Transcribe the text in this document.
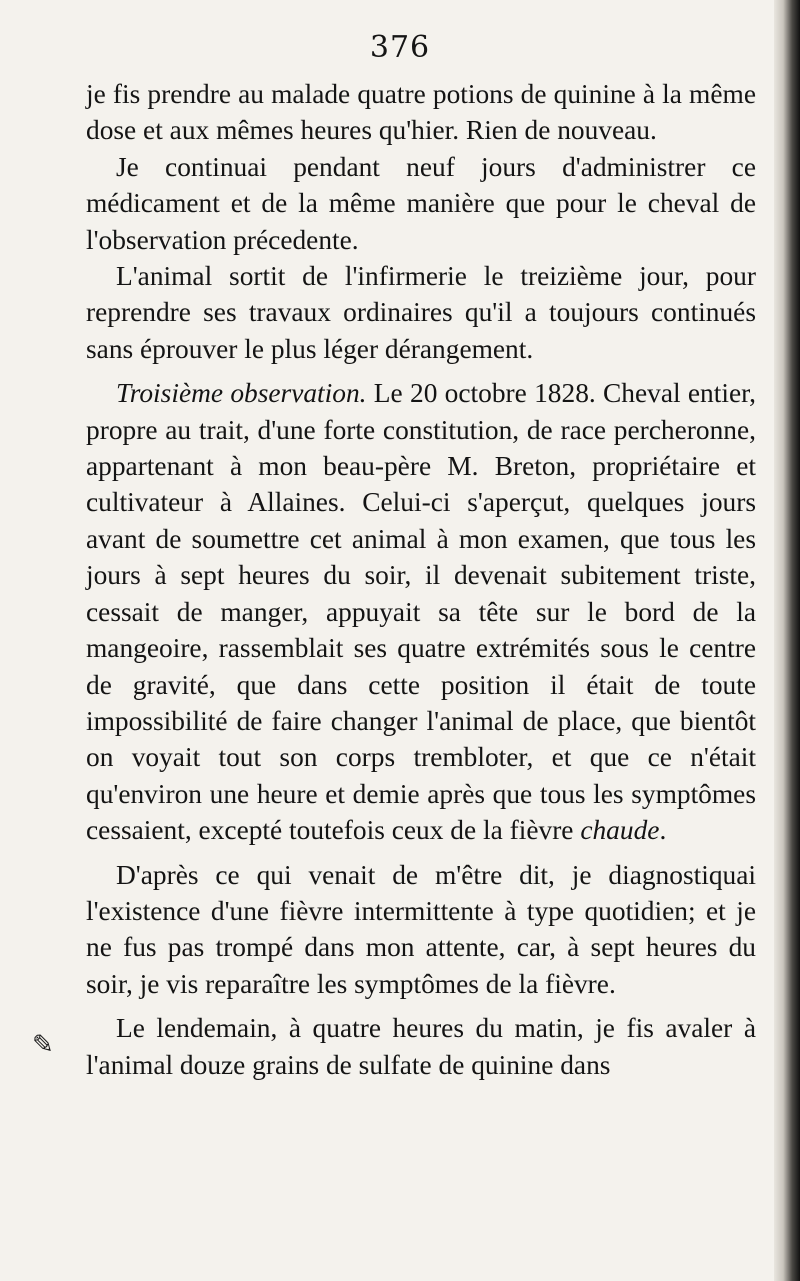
376

je fis prendre au malade quatre potions de quinine à la même dose et aux mêmes heures qu'hier. Rien de nouveau.

Je continuai pendant neuf jours d'administrer ce médicament et de la même manière que pour le cheval de l'observation précedente.

L'animal sortit de l'infirmerie le treizième jour, pour reprendre ses travaux ordinaires qu'il a toujours continués sans éprouver le plus léger dérangement.

Troisième observation. Le 20 octobre 1828. Cheval entier, propre au trait, d'une forte constitution, de race percheronne, appartenant à mon beau-père M. Breton, propriétaire et cultivateur à Allaines. Celui-ci s'aperçut, quelques jours avant de soumettre cet animal à mon examen, que tous les jours à sept heures du soir, il devenait subitement triste, cessait de manger, appuyait sa tête sur le bord de la mangeoire, rassemblait ses quatre extrémités sous le centre de gravité, que dans cette position il était de toute impossibilité de faire changer l'animal de place, que bientôt on voyait tout son corps trembloter, et que ce n'était qu'environ une heure et demie après que tous les symptômes cessaient, excepté toutefois ceux de la fièvre chaude.

D'après ce qui venait de m'être dit, je diagnostiquai l'existence d'une fièvre intermittente à type quotidien; et je ne fus pas trompé dans mon attente, car, à sept heures du soir, je vis reparaître les symptômes de la fièvre.

Le lendemain, à quatre heures du matin, je fis avaler à l'animal douze grains de sulfate de quinine dans

✎
